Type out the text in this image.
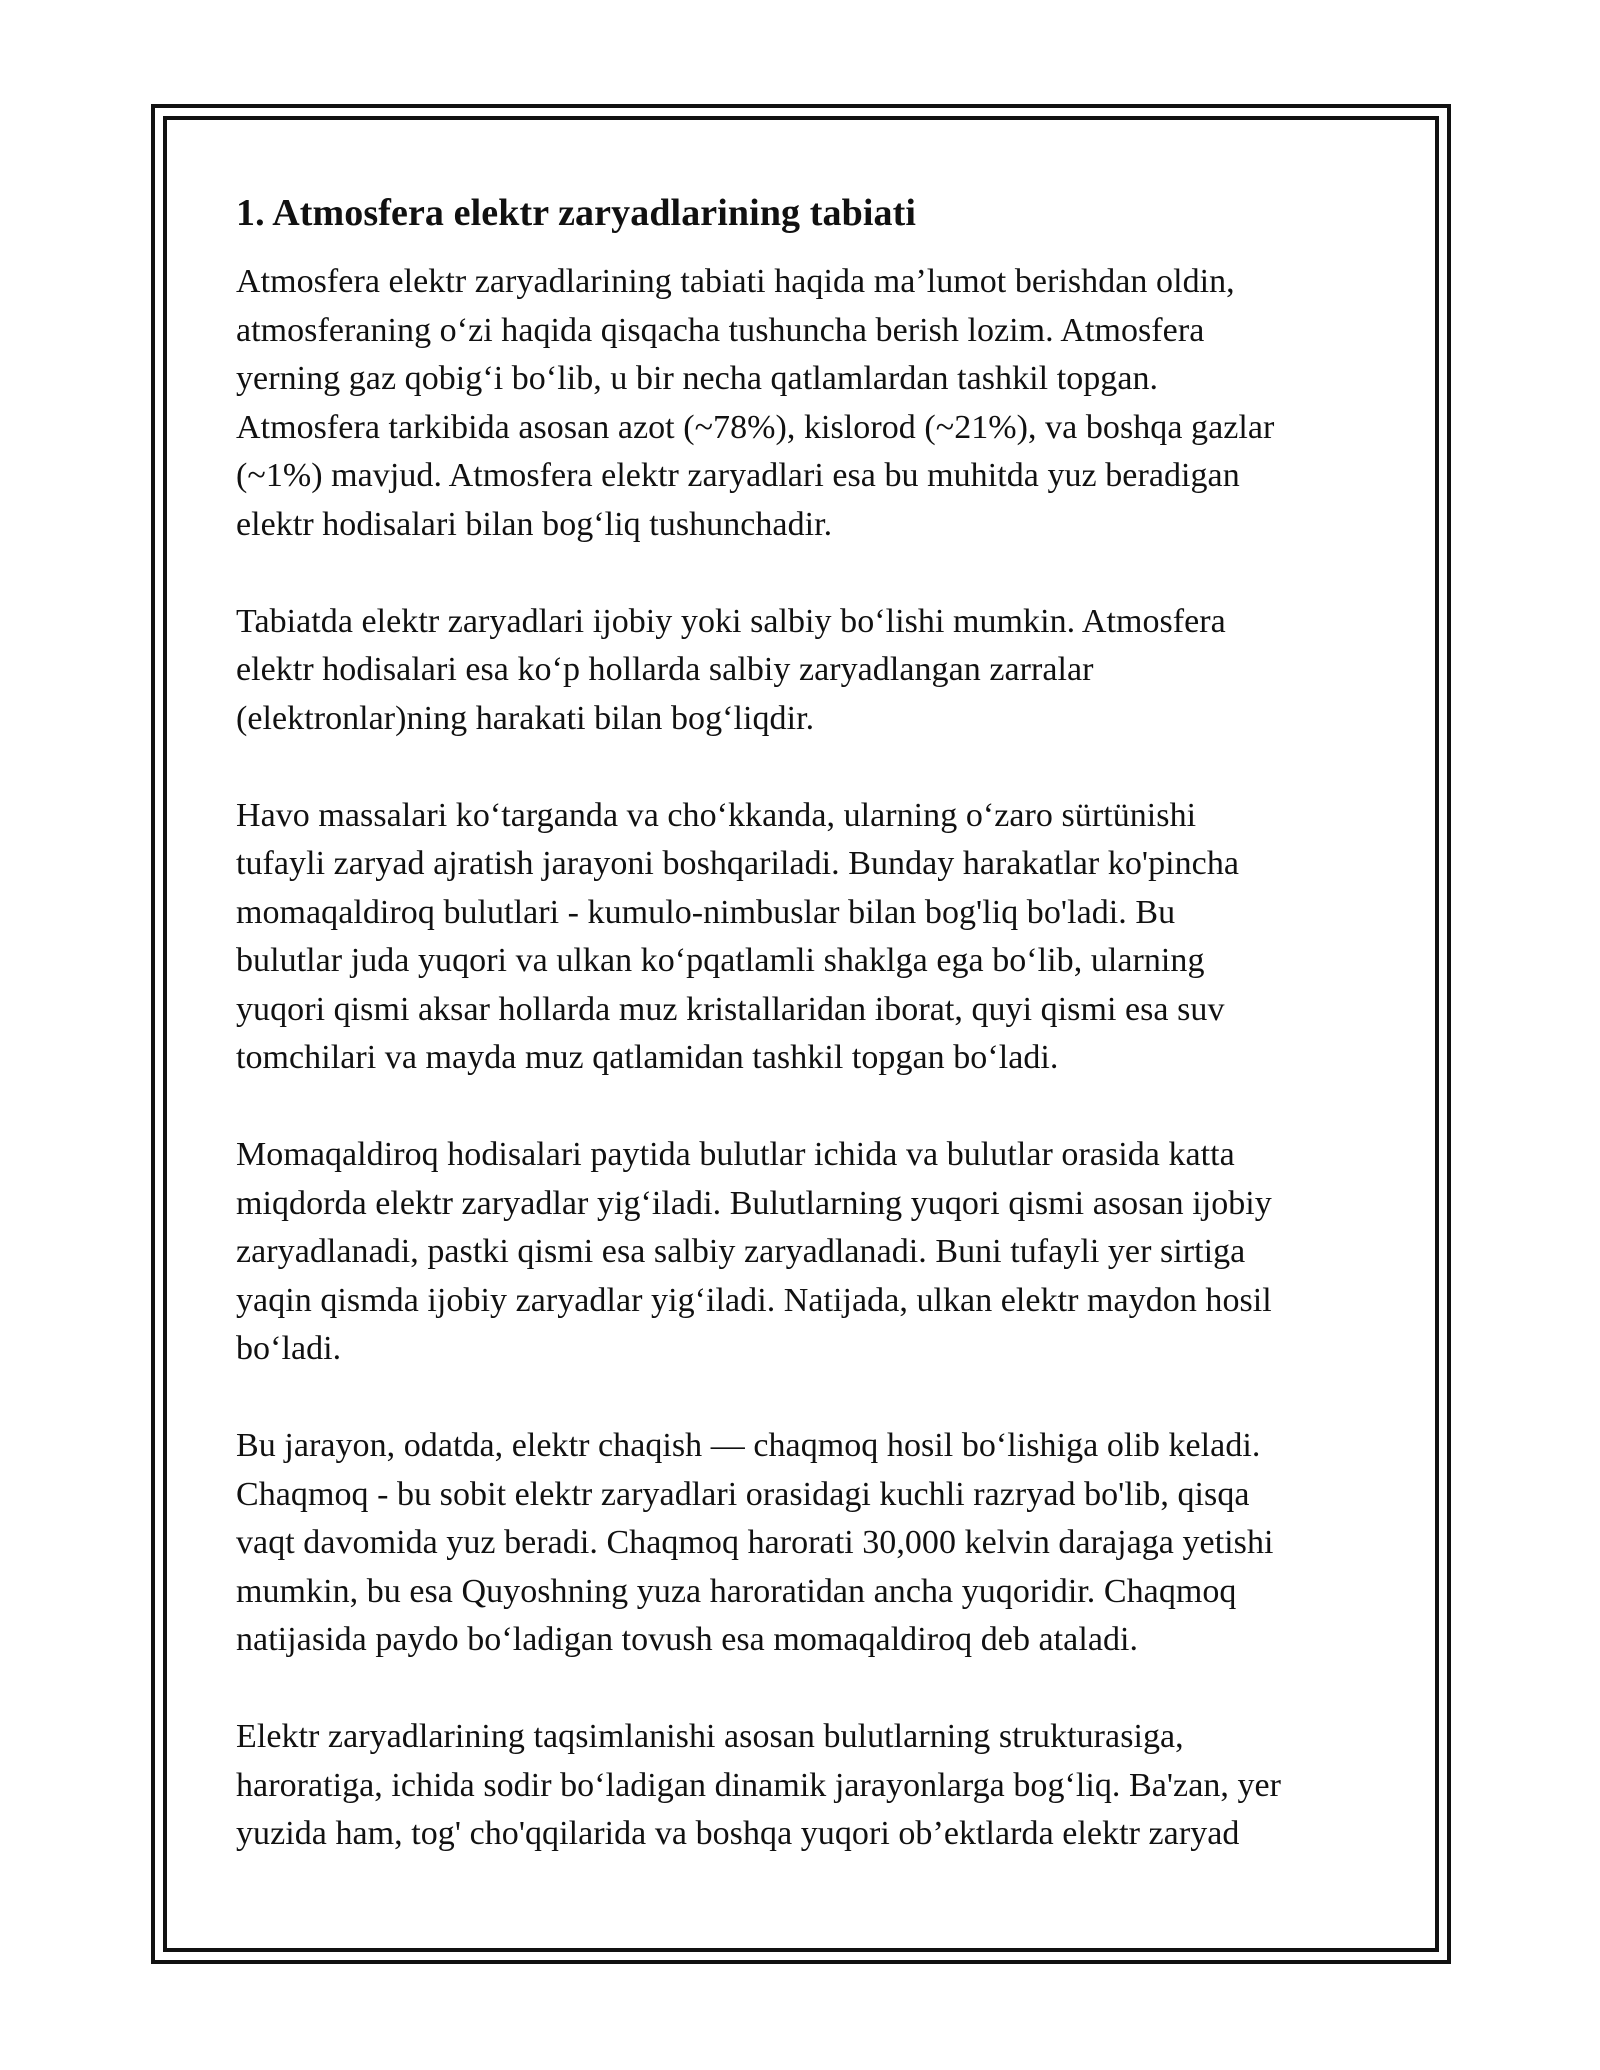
1. Atmosfera elektr zaryadlarining tabiati

Atmosfera elektr zaryadlarining tabiati haqida ma’lumot berishdan oldin,
atmosferaning o‘zi haqida qisqacha tushuncha berish lozim. Atmosfera
yerning gaz qobig‘i bo‘lib, u bir necha qatlamlardan tashkil topgan.
Atmosfera tarkibida asosan azot (~78%), kislorod (~21%), va boshqa gazlar
(~1%) mavjud. Atmosfera elektr zaryadlari esa bu muhitda yuz beradigan
elektr hodisalari bilan bog‘liq tushunchadir.

Tabiatda elektr zaryadlari ijobiy yoki salbiy bo‘lishi mumkin. Atmosfera
elektr hodisalari esa ko‘p hollarda salbiy zaryadlangan zarralar
(elektronlar)ning harakati bilan bog‘liqdir.

Havo massalari ko‘targanda va cho‘kkanda, ularning o‘zaro sürtünishi
tufayli zaryad ajratish jarayoni boshqariladi. Bunday harakatlar ko'pincha
momaqaldiroq bulutlari - kumulo-nimbuslar bilan bog'liq bo'ladi. Bu
bulutlar juda yuqori va ulkan ko‘pqatlamli shaklga ega bo‘lib, ularning
yuqori qismi aksar hollarda muz kristallaridan iborat, quyi qismi esa suv
tomchilari va mayda muz qatlamidan tashkil topgan bo‘ladi.

Momaqaldiroq hodisalari paytida bulutlar ichida va bulutlar orasida katta
miqdorda elektr zaryadlar yig‘iladi. Bulutlarning yuqori qismi asosan ijobiy
zaryadlanadi, pastki qismi esa salbiy zaryadlanadi. Buni tufayli yer sirtiga
yaqin qismda ijobiy zaryadlar yig‘iladi. Natijada, ulkan elektr maydon hosil
bo‘ladi.

Bu jarayon, odatda, elektr chaqish — chaqmoq hosil bo‘lishiga olib keladi.
Chaqmoq - bu sobit elektr zaryadlari orasidagi kuchli razryad bo'lib, qisqa
vaqt davomida yuz beradi. Chaqmoq harorati 30,000 kelvin darajaga yetishi
mumkin, bu esa Quyoshning yuza haroratidan ancha yuqoridir. Chaqmoq
natijasida paydo bo‘ladigan tovush esa momaqaldiroq deb ataladi.

Elektr zaryadlarining taqsimlanishi asosan bulutlarning strukturasiga,
haroratiga, ichida sodir bo‘ladigan dinamik jarayonlarga bog‘liq. Ba'zan, yer
yuzida ham, tog' cho'qqilarida va boshqa yuqori ob’ektlarda elektr zaryad
